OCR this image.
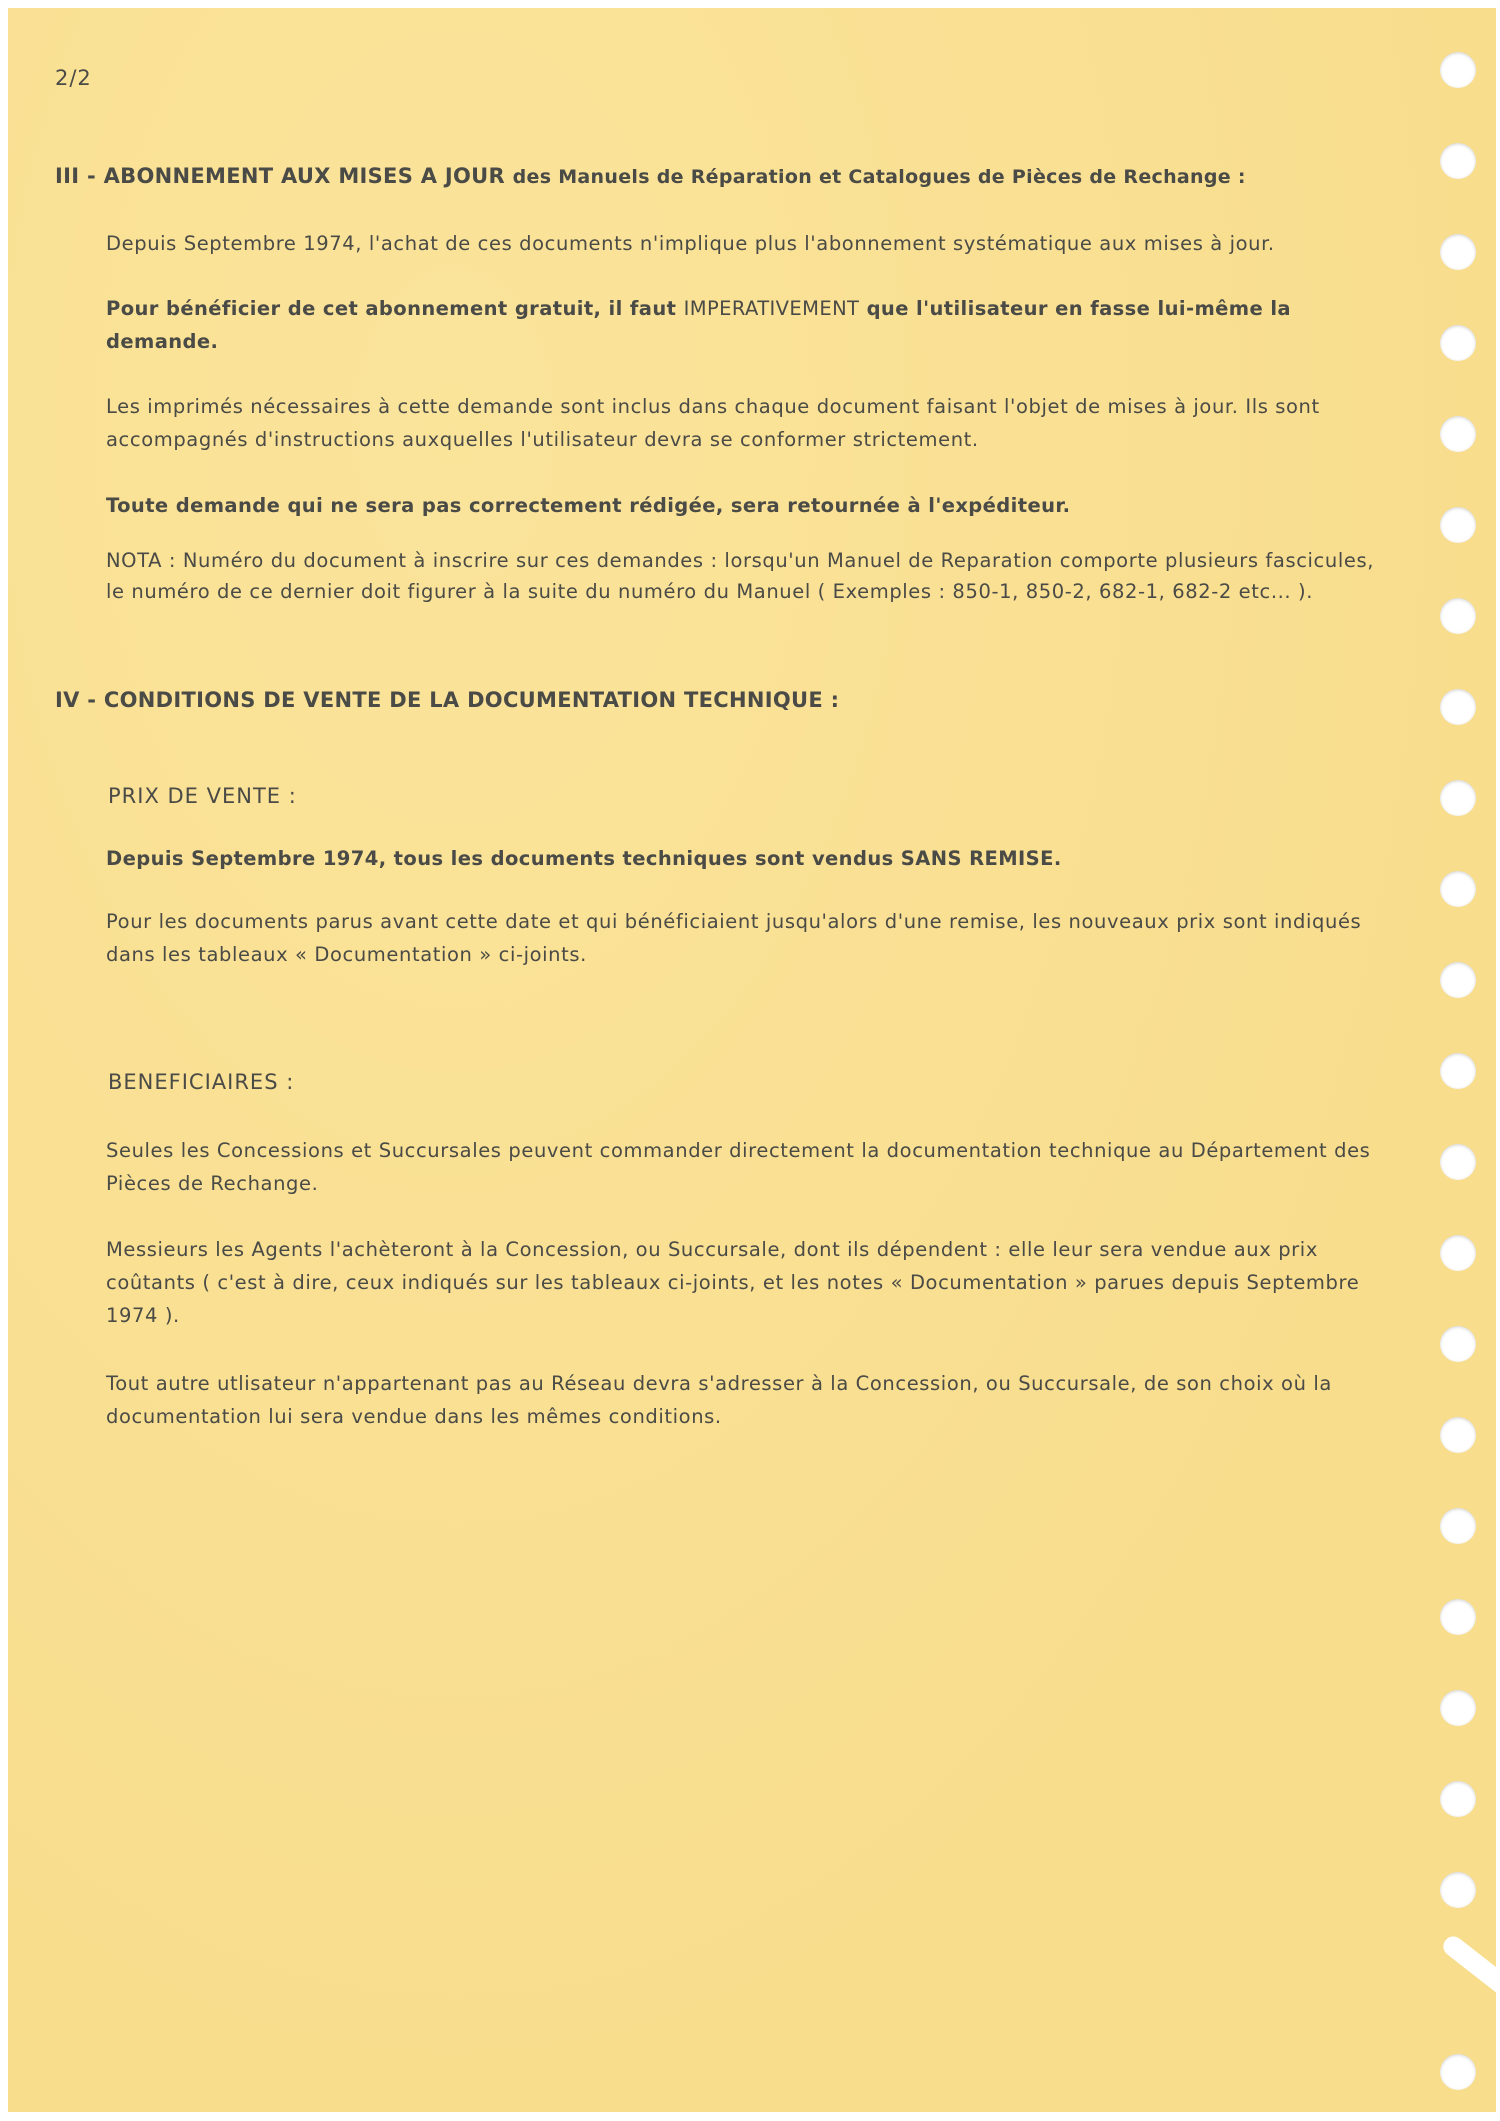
2/2
III - ABONNEMENT AUX MISES A JOUR des Manuels de Réparation et Catalogues de Pièces de Rechange :
Depuis Septembre 1974, l'achat de ces documents n'implique plus l'abonnement systématique aux mises à jour.
Pour bénéficier de cet abonnement gratuit, il faut IMPERATIVEMENT que l'utilisateur en fasse lui-même la demande.
Les imprimés nécessaires à cette demande sont inclus dans chaque document faisant l'objet de mises à jour. Ils sont accompagnés d'instructions auxquelles l'utilisateur devra se conformer strictement.
Toute demande qui ne sera pas correctement rédigée, sera retournée à l'expéditeur.
NOTA : Numéro du document à inscrire sur ces demandes : lorsqu'un Manuel de Reparation comporte plusieurs fascicules, le numéro de ce dernier doit figurer à la suite du numéro du Manuel ( Exemples : 850-1, 850-2, 682-1, 682-2 etc... ).
IV - CONDITIONS DE VENTE DE LA DOCUMENTATION TECHNIQUE :
PRIX DE VENTE :
Depuis Septembre 1974, tous les documents techniques sont vendus SANS REMISE.
Pour les documents parus avant cette date et qui bénéficiaient jusqu'alors d'une remise, les nouveaux prix sont indiqués dans les tableaux « Documentation » ci-joints.
BENEFICIAIRES :
Seules les Concessions et Succursales peuvent commander directement la documentation technique au Département des Pièces de Rechange.
Messieurs les Agents l'achèteront à la Concession, ou Succursale, dont ils dépendent : elle leur sera vendue aux prix coûtants ( c'est à dire, ceux indiqués sur les tableaux ci-joints, et les notes « Documentation » parues depuis Septembre 1974 ).
Tout autre utlisateur n'appartenant pas au Réseau devra s'adresser à la Concession, ou Succursale, de son choix où la documentation lui sera vendue dans les mêmes conditions.
